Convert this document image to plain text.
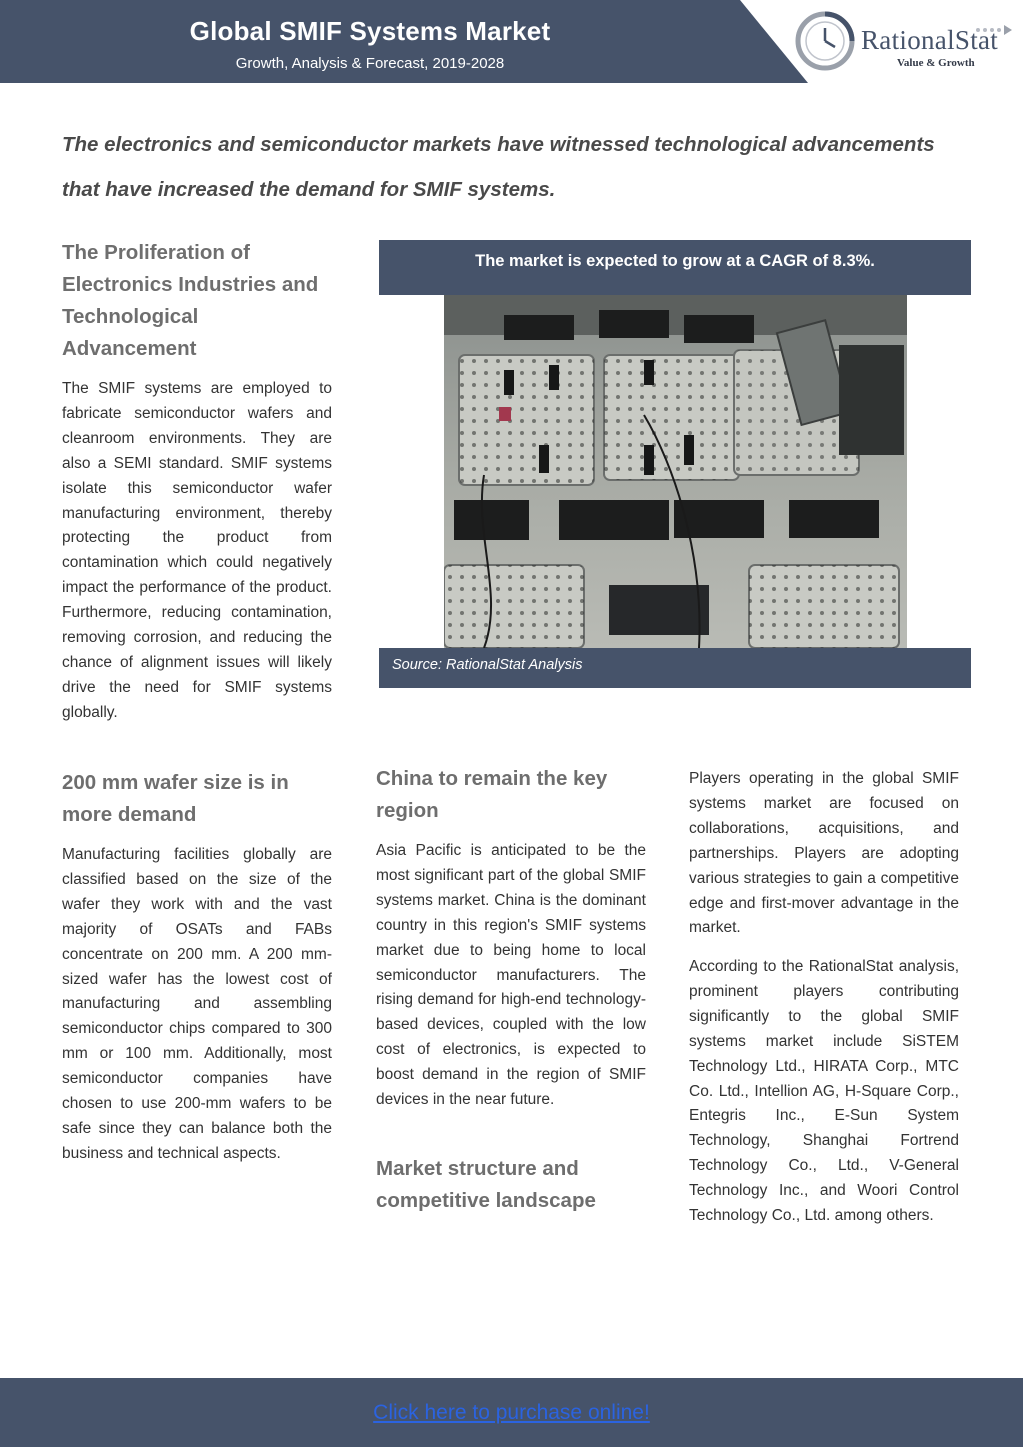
Global SMIF Systems Market
Growth, Analysis & Forecast, 2019-2028
RationalStat
Value & Growth
The electronics and semiconductor markets have witnessed technological advancements that have increased the demand for SMIF systems.
The Proliferation of Electronics Industries and Technological Advancement
The SMIF systems are employed to fabricate semiconductor wafers and cleanroom environments. They are also a SEMI standard. SMIF systems isolate this semiconductor wafer manufacturing environment, thereby protecting the product from contamination which could negatively impact the performance of the product. Furthermore, reducing contamination, removing corrosion, and reducing the chance of alignment issues will likely drive the need for SMIF systems globally.
The market is expected to grow at a CAGR of 8.3%.
Source: RationalStat Analysis
200 mm wafer size is in more demand
Manufacturing facilities globally are classified based on the size of the wafer they work with and the vast majority of OSATs and FABs concentrate on 200 mm. A 200 mm-sized wafer has the lowest cost of manufacturing and assembling semiconductor chips compared to 300 mm or 100 mm. Additionally, most semiconductor companies have chosen to use 200-mm wafers to be safe since they can balance both the business and technical aspects.
China to remain the key region
Asia Pacific is anticipated to be the most significant part of the global SMIF systems market. China is the dominant country in this region's SMIF systems market due to being home to local semiconductor manufacturers. The rising demand for high-end technology-based devices, coupled with the low cost of electronics, is expected to boost demand in the region of SMIF devices in the near future.
Market structure and competitive landscape
Players operating in the global SMIF systems market are focused on collaborations, acquisitions, and partnerships. Players are adopting various strategies to gain a competitive edge and first-mover advantage in the market.
According to the RationalStat analysis, prominent players contributing significantly to the global SMIF systems market include SiSTEM Technology Ltd., HIRATA Corp., MTC Co. Ltd., Intellion AG, H-Square Corp., Entegris Inc., E-Sun System Technology, Shanghai Fortrend Technology Co., Ltd., V-General Technology Inc., and Woori Control Technology Co., Ltd. among others.
Click here to purchase online!
